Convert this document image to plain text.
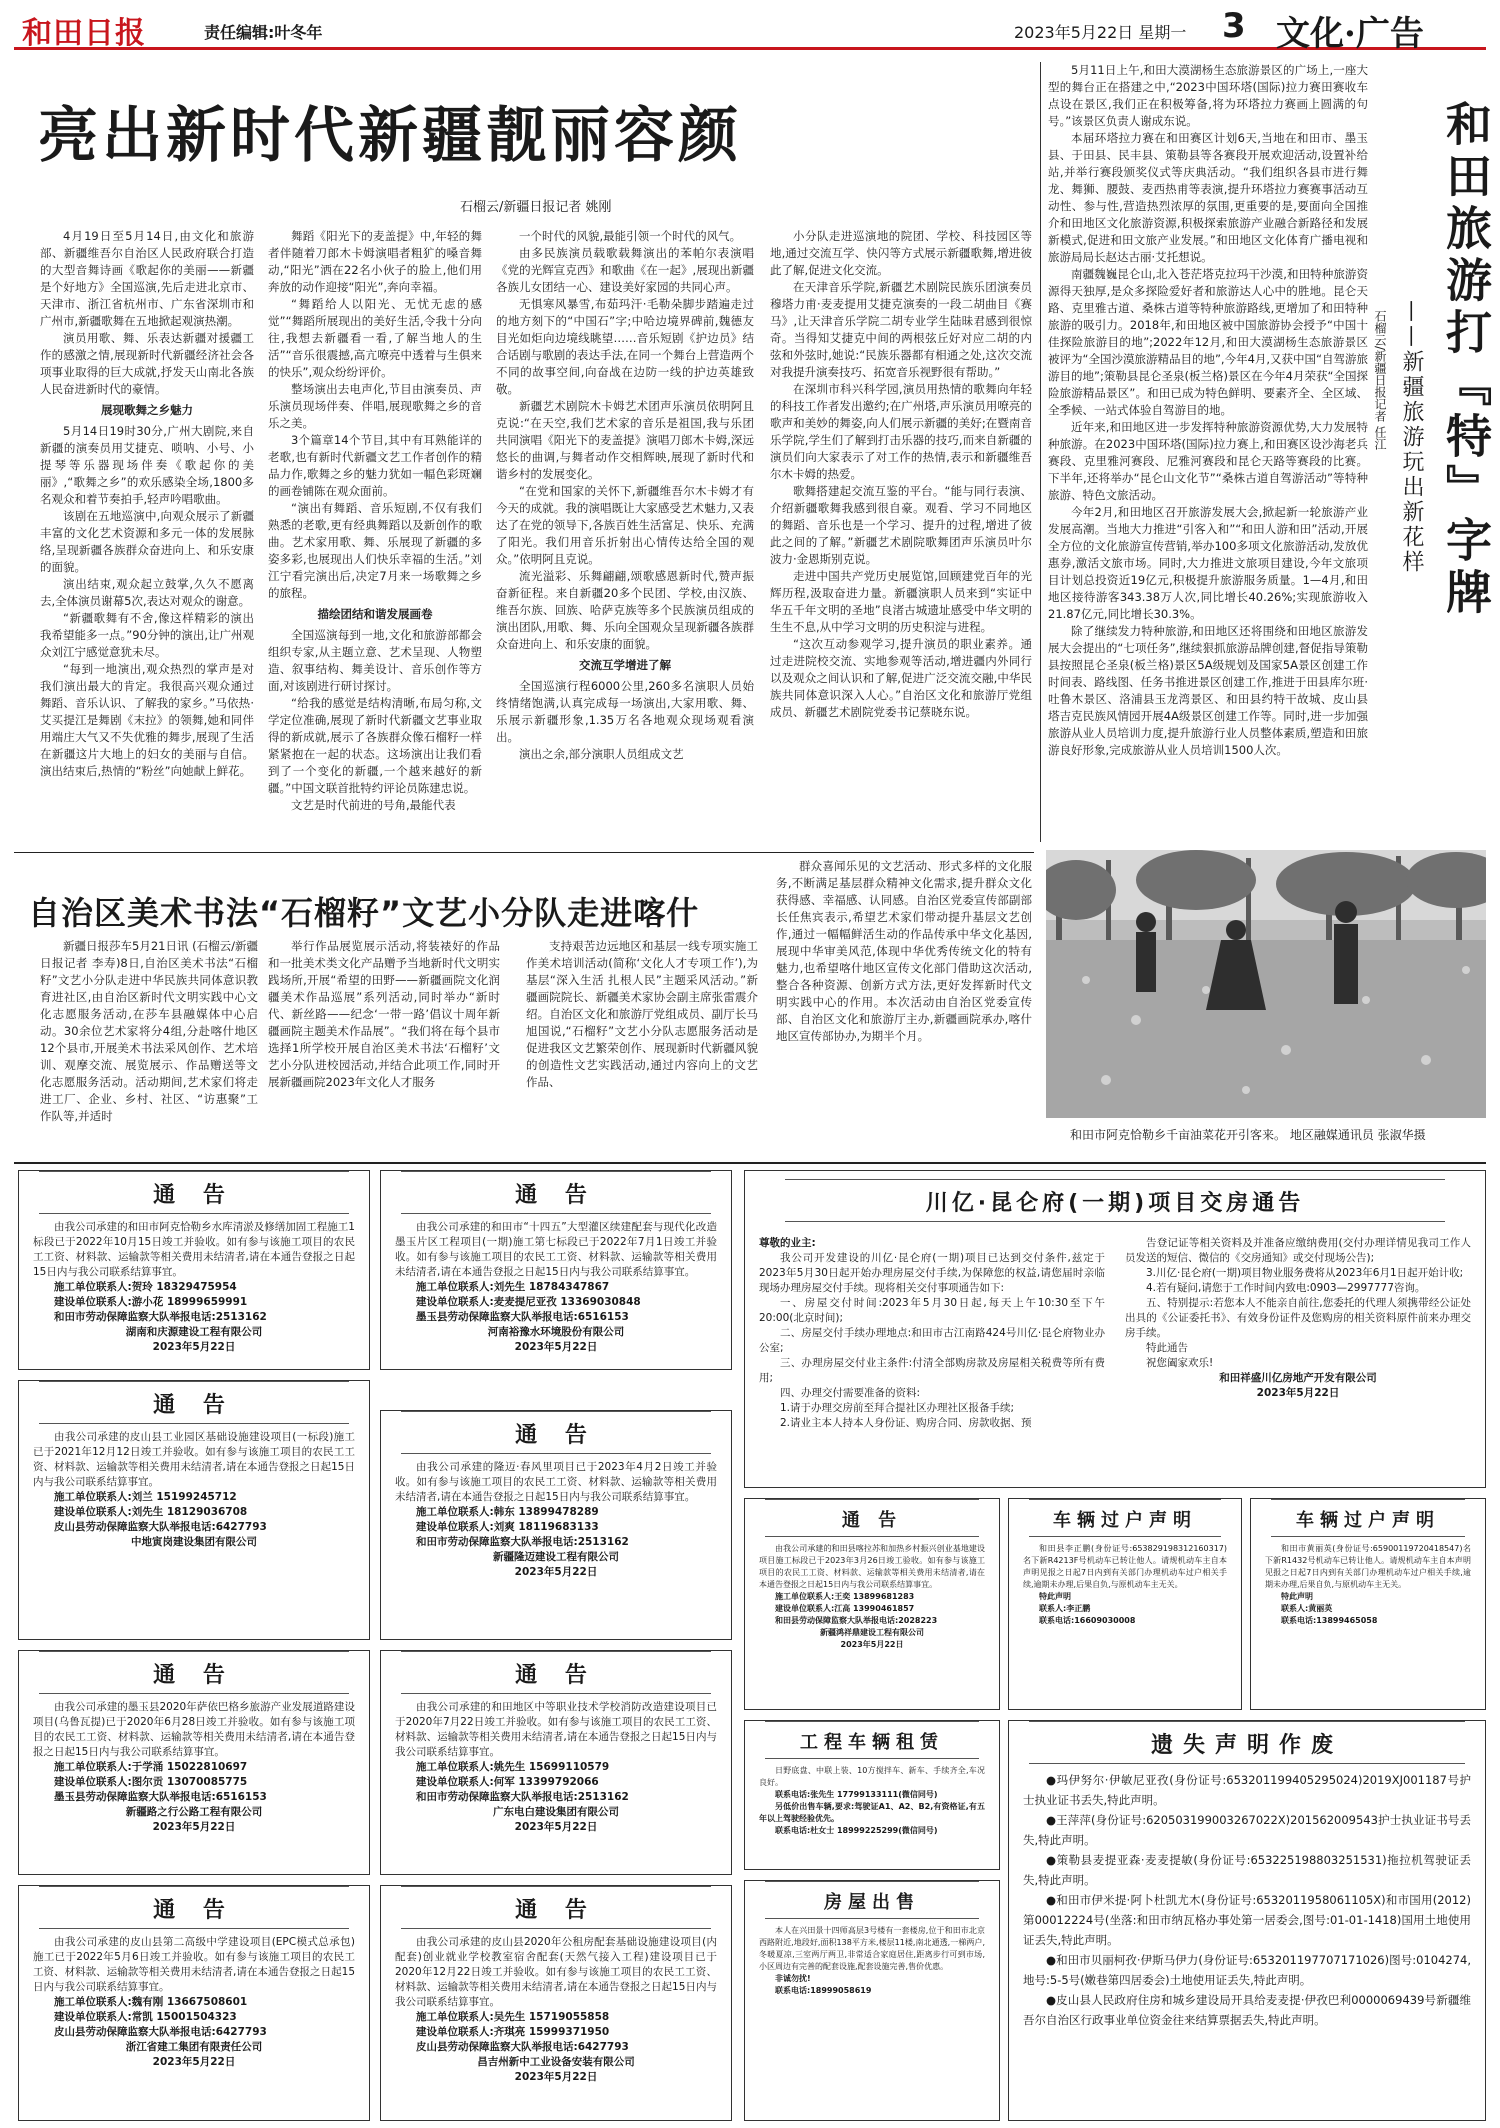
和田日报	责任编辑:叶冬年	2023年5月22日 星期一 3 文化·广告
亮出新时代新疆靓丽容颜
石榴云/新疆日报记者 姚刚

4月19日至5月14日,由文化和旅游部、新疆维吾尔自治区人民政府联合打造的大型音舞诗画《歌起你的美丽——新疆是个好地方》全国巡演,先后走进北京市、天津市、浙江省杭州市、广东省深圳市和广州市,新疆歌舞在五地掀起观演热潮。

演员用歌、舞、乐表达新疆对援疆工作的感激之情,展现新时代新疆经济社会各项事业取得的巨大成就,抒发天山南北各族人民奋进新时代的豪情。

展现歌舞之乡魅力

5月14日19时30分,广州大剧院,来自新疆的演奏员用艾捷克、唢呐、小号、小提琴等乐器现场伴奏《歌起你的美丽》,“歌舞之乡”的欢乐感染全场,1800多名观众和着节奏拍手,轻声吟唱歌曲。

该剧在五地巡演中,向观众展示了新疆丰富的文化艺术资源和多元一体的发展脉络,呈现新疆各族群众奋进向上、和乐安康的面貌。

演出结束,观众起立鼓掌,久久不愿离去,全体演员谢幕5次,表达对观众的谢意。

“新疆歌舞有不舍,像这样精彩的演出我希望能多一点。”90分钟的演出,让广州观众刘江宁感觉意犹未尽。

“每到一地演出,观众热烈的掌声是对我们演出最大的肯定。我很高兴观众通过舞蹈、音乐认识、了解我的家乡。”马依热·艾买提江是舞剧《末拉》的领舞,她和同伴用端庄大气又不失优雅的舞步,展现了生活在新疆这片大地上的妇女的美丽与自信。演出结束后,热情的“粉丝”向她献上鲜花。

舞蹈《阳光下的麦盖提》中,年轻的舞者伴随着刀郎木卡姆演唱者粗犷的嗓音舞动,“阳光”洒在22名小伙子的脸上,他们用奔放的动作迎接“阳光”,奔向幸福。

“舞蹈给人以阳光、无忧无虑的感觉”“舞蹈所展现出的美好生活,令我十分向往,我想去新疆看一看,了解当地人的生活”“音乐很震撼,高亢嘹亮中透着与生俱来的快乐”,观众纷纷评价。

整场演出去电声化,节目由演奏员、声乐演员现场伴奏、伴唱,展现歌舞之乡的音乐之美。

3个篇章14个节目,其中有耳熟能详的老歌,也有新时代新疆文艺工作者创作的精品力作,歌舞之乡的魅力犹如一幅色彩斑斓的画卷铺陈在观众面前。

“演出有舞蹈、音乐短剧,不仅有我们熟悉的老歌,更有经典舞蹈以及新创作的歌曲。艺术家用歌、舞、乐展现了新疆的多姿多彩,也展现出人们快乐幸福的生活。”刘江宁看完演出后,决定7月来一场歌舞之乡的旅程。

描绘团结和谐发展画卷

全国巡演每到一地,文化和旅游部都会组织专家,从主题立意、艺术呈现、人物塑造、叙事结构、舞美设计、音乐创作等方面,对该剧进行研讨探讨。

“给我的感觉是结构清晰,布局匀称,文学定位准确,展现了新时代新疆文艺事业取得的新成就,展示了各族群众像石榴籽一样紧紧抱在一起的状态。这场演出让我们看到了一个变化的新疆,一个越来越好的新疆。”中国文联首批特约评论员陈建忠说。

文艺是时代前进的号角,最能代表

一个时代的风貌,最能引领一个时代的风气。

由多民族演员载歌载舞演出的苯帕尔表演唱《党的光辉宣克西》和歌曲《在一起》,展现出新疆各族儿女团结一心、建设美好家园的共同心声。

无惧寒风暴雪,布茹玛汗·毛勒朵脚步踏遍走过的地方刻下的“中国石”字;中哈边境界碑前,魏德友目光如炬向边境线眺望……音乐短剧《护边员》结合话剧与歌剧的表达手法,在同一个舞台上营造两个不同的故事空间,向奋战在边防一线的护边英雄致敬。

新疆艺术剧院木卡姆艺术团声乐演员依明阿且克说:“在天空,我们艺术家的音乐是祖国,我与乐团共同演唱《阳光下的麦盖提》演唱刀郎木卡姆,深远悠长的曲调,与舞者动作交相辉映,展现了新时代和谐乡村的发展变化。

“在党和国家的关怀下,新疆维吾尔木卡姆才有今天的成就。我的演唱既让大家感受艺术魅力,又表达了在党的领导下,各族百姓生活富足、快乐、充满了阳光。我们用音乐折射出心情传达给全国的观众。”依明阿且克说。

流光溢彩、乐舞翩翩,颂歌感恩新时代,赞声振奋新征程。来自新疆20多个民团、学校,由汉族、维吾尔族、回族、哈萨克族等多个民族演员组成的演出团队,用歌、舞、乐向全国观众呈现新疆各族群众奋进向上、和乐安康的面貌。

交流互学增进了解

全国巡演行程6000公里,260多名演职人员始终情绪饱满,认真完成每一场演出,大家用歌、舞、乐展示新疆形象,1.35万名各地观众现场观看演出。

演出之余,部分演职人员组成文艺

小分队走进巡演地的院团、学校、科技园区等地,通过交流互学、快闪等方式展示新疆歌舞,增进彼此了解,促进文化交流。

在天津音乐学院,新疆艺术剧院民族乐团演奏员穆塔力甫·麦麦提用艾捷克演奏的一段二胡曲目《赛马》,让天津音乐学院二胡专业学生陆昧君感到很惊奇。当得知艾捷克中间的两根弦丘好对应二胡的内弦和外弦时,她说:“民族乐器都有相通之处,这次交流对我提升演奏技巧、拓宽音乐视野很有帮助。”

在深圳市科兴科学园,演员用热情的歌舞向年轻的科技工作者发出邀约;在广州塔,声乐演员用嘹亮的歌声和美妙的舞姿,向人们展示新疆的美好;在暨南音乐学院,学生们了解到打击乐器的技巧,而来自新疆的演员们向大家表示了对工作的热情,表示和新疆维吾尔木卡姆的热爱。

歌舞搭建起交流互鉴的平台。“能与同行表演、介绍新疆歌舞我感到很自豪。观看、学习不同地区的舞蹈、音乐也是一个学习、提升的过程,增进了彼此之间的了解。”新疆艺术剧院歌舞团声乐演员叶尔波力·金恩斯别克说。

走进中国共产党历史展览馆,回顾建党百年的光辉历程,汲取奋进力量。新疆演职人员来到“实证中华五千年文明的圣地”良渚古城遗址感受中华文明的生生不息,从中学习文明的历史积淀与进程。

“这次互动参观学习,提升演员的职业素养。通过走进院校交流、实地参观等活动,增进疆内外同行以及观众之间认识和了解,促进广泛交流交融,中华民族共同体意识深入人心。”自治区文化和旅游厅党组成员、新疆艺术剧院党委书记蔡晓东说。

5月11日上午,和田大漠湖杨生态旅游景区的广场上,一座大型的舞台正在搭建之中,“2023中国环塔(国际)拉力赛田赛收车点设在景区,我们正在积极筹备,将为环塔拉力赛画上圆满的句号。”该景区负责人谢成东说。

本届环塔拉力赛在和田赛区计划6天,当地在和田市、墨玉县、于田县、民丰县、策勒县等各赛段开展欢迎活动,设置补给站,并举行赛段颁奖仪式等庆典活动。“我们组织各县市进行舞龙、舞狮、腰鼓、麦西热甫等表演,提升环塔拉力赛赛事活动互动性、参与性,营造热烈浓厚的氛围,更重要的是,要面向全国推介和田地区文化旅游资源,积极探索旅游产业融合新路径和发展新模式,促进和田文旅产业发展。”和田地区文化体育广播电视和旅游局局长赵达古丽·艾托想说。

南疆魏巍昆仑山,北入苍茫塔克拉玛干沙漠,和田特种旅游资源得天独厚,是众多探险爱好者和旅游达人心中的胜地。昆仑天路、克里雅古道、桑株古道等特种旅游路线,更增加了和田特种旅游的吸引力。2018年,和田地区被中国旅游协会授予“中国十佳探险旅游目的地”;2022年12月,和田大漠湖杨生态旅游景区被评为“全国沙漠旅游精品目的地”,今年4月,又获中国“自驾游旅游目的地”;策勒县昆仑圣泉(板兰格)景区在今年4月荣获“全国探险旅游精品景区”。和田已成为特色鲜明、要素齐全、全区域、全季候、一站式体验自驾游目的地。

近年来,和田地区进一步发挥特种旅游资源优势,大力发展特种旅游。在2023中国环塔(国际)拉力赛上,和田赛区设沙海老兵赛段、克里雅河赛段、尼雅河赛段和昆仑天路等赛段的比赛。下半年,还将举办“昆仑山文化节”“桑株古道自驾游活动”等特种旅游、特色文旅活动。

今年2月,和田地区召开旅游发展大会,掀起新一轮旅游产业发展高潮。当地大力推进“引客入和”“和田人游和田”活动,开展全方位的文化旅游宣传营销,举办100多项文化旅游活动,发放优惠券,激活文旅市场。同时,大力推进文旅项目建设,今年文旅项目计划总投资近19亿元,积极提升旅游服务质量。1—4月,和田地区接待游客343.38万人次,同比增长40.26%;实现旅游收入21.87亿元,同比增长30.3%。

除了继续发力特种旅游,和田地区还将围绕和田地区旅游发展大会提出的“七项任务”,继续狠抓旅游品牌创建,督促指导策勒县按照昆仑圣泉(板兰格)景区5A级规划及国家5A景区创建工作时间表、路线图、任务书推进景区创建工作,推进于田县库尔班·吐鲁木景区、洛浦县玉龙湾景区、和田县约特干故城、皮山县塔吉克民族风情园开展4A级景区创建工作等。同时,进一步加强旅游从业人员培训力度,提升旅游行业人员整体素质,塑造和田旅游良好形象,完成旅游从业人员培训1500人次。

和田旅游打『特』字牌
——新疆旅游玩出新花样
石榴云/新疆日报记者 任江
自治区美术书法“石榴籽”文艺小分队走进喀什

新疆日报莎车5月21日讯 (石榴云/新疆日报记者 李寿)8日,自治区美术书法“石榴籽”文艺小分队走进中华民族共同体意识教育进社区,由自治区新时代文明实践中心文化志愿服务活动,在莎车县融媒体中心启动。30余位艺术家将分4组,分赴喀什地区12个县市,开展美术书法采风创作、艺术培训、观摩交流、展览展示、作品赠送等文化志愿服务活动。活动期间,艺术家们将走进工厂、企业、乡村、社区、“访惠聚”工作队等,并适时

举行作品展览展示活动,将装裱好的作品和一批美术类文化产品赠予当地新时代文明实践场所,开展“希望的田野——新疆画院文化润疆美术作品巡展”系列活动,同时举办“新时代、新丝路——纪念‘一带一路’倡议十周年新疆画院主题美术作品展”。“我们将在每个县市选择1所学校开展自治区美术书法‘石榴籽’文艺小分队进校园活动,并结合此项工作,同时开展新疆画院2023年文化人才服务

支持艰苦边远地区和基层一线专项实施工作美术培训活动(简称‘文化人才专项工作’),为基层“深入生活 扎根人民”主题采风活动。”新疆画院院长、新疆美术家协会副主席张雷震介绍。自治区文化和旅游厅党组成员、副厅长马旭国说,“石榴籽”文艺小分队志愿服务活动是促进我区文艺繁荣创作、展现新时代新疆风貌的创造性文艺实践活动,通过内容向上的文艺作品、

群众喜闻乐见的文艺活动、形式多样的文化服务,不断满足基层群众精神文化需求,提升群众文化获得感、幸福感、认同感。自治区党委宣传部副部长任焦宾表示,希望艺术家们带动提升基层文艺创作,通过一幅幅鲜活生动的作品传承中华文化基因,展现中华审美风范,体现中华优秀传统文化的特有魅力,也希望喀什地区宣传文化部门借助这次活动,整合各种资源、创新方式方法,更好发挥新时代文明实践中心的作用。本次活动由自治区党委宣传部、自治区文化和旅游厅主办,新疆画院承办,喀什地区宣传部协办,为期半个月。

和田市阿克恰勒乡千亩油菜花开引客来。 地区融媒通讯员 张淑华摄
通 告

由我公司承建的和田市阿克恰勒乡水库清淤及修缮加固工程施工1标段已于2022年10月15日竣工并验收。如有参与该施工项目的农民工工资、材料款、运输款等相关费用未结清者,请在本通告登报之日起15日内与我公司联系结算事宜。

施工单位联系人:贺玲 18329475954
建设单位联系人:游小花 18999659991
和田市劳动保障监察大队举报电话:2513162
湖南和庆源建设工程有限公司
2023年5月22日
通 告

由我公司承建的皮山县工业园区基础设施建设项目(一标段)施工已于2021年12月12日竣工并验收。如有参与该施工项目的农民工工资、材料款、运输款等相关费用未结清者,请在本通告登报之日起15日内与我公司联系结算事宜。

施工单位联系人:刘兰 15199245712
建设单位联系人:刘先生 18129036708
皮山县劳动保障监察大队举报电话:6427793
中地寅岗建设集团有限公司
通 告

由我公司承建的墨玉县2020年萨依巴格乡旅游产业发展道路建设项目(乌鲁瓦提)已于2020年6月28日竣工并验收。如有参与该施工项目的农民工工资、材料款、运输款等相关费用未结清者,请在本通告登报之日起15日内与我公司联系结算事宜。

施工单位联系人:于学涌 15022810697
建设单位联系人:图尔贡 13070085775
墨玉县劳动保障监察大队举报电话:6516153
新疆路之行公路工程有限公司
2023年5月22日
通 告

由我公司承建的皮山县第二高级中学建设项目(EPC模式总承包)施工已于2022年5月6日竣工并验收。如有参与该施工项目的农民工工资、材料款、运输款等相关费用未结清者,请在本通告登报之日起15日内与我公司联系结算事宜。

施工单位联系人:魏有刚 13667508601
建设单位联系人:常凯 15001504323
皮山县劳动保障监察大队举报电话:6427793
浙江省建工集团有限责任公司
2023年5月22日
通 告

由我公司承建的和田市“十四五”大型灌区续建配套与现代化改造墨玉片区工程项目(一期)施工第七标段已于2022年7月1日竣工并验收。如有参与该施工项目的农民工工资、材料款、运输款等相关费用未结清者,请在本通告登报之日起15日内与我公司联系结算事宜。

施工单位联系人:刘先生 18784347867
建设单位联系人:麦麦提尼亚孜 13369030848
墨玉县劳动保障监察大队举报电话:6516153
河南裕豫水环境股份有限公司
2023年5月22日
通 告

由我公司承建的隆迈·春风里项目已于2023年4月2日竣工并验收。如有参与该施工项目的农民工工资、材料款、运输款等相关费用未结清者,请在本通告登报之日起15日内与我公司联系结算事宜。

施工单位联系人:韩东 13899478289
建设单位联系人:刘爽 18119683133
和田市劳动保障监察大队举报电话:2513162
新疆隆迈建设工程有限公司
2023年5月22日
通 告

由我公司承建的和田地区中等职业技术学校消防改造建设项目已于2020年7月22日竣工并验收。如有参与该施工项目的农民工工资、材料款、运输款等相关费用未结清者,请在本通告登报之日起15日内与我公司联系结算事宜。

施工单位联系人:姚先生 15699110579
建设单位联系人:何军 13399792066
和田市劳动保障监察大队举报电话:2513162
广东电白建设集团有限公司
2023年5月22日
通 告

由我公司承建的皮山县2020年公租房配套基础设施建设项目(内配套)创业就业学校教室宿舍配套(天然气接入工程)建设项目已于2020年12月22日竣工并验收。如有参与该施工项目的农民工工资、材料款、运输款等相关费用未结清者,请在本通告登报之日起15日内与我公司联系结算事宜。

施工单位联系人:吴先生 15719055858
建设单位联系人:齐琪亮 15999371950
皮山县劳动保障监察大队举报电话:6427793
昌吉州新中工业设备安装有限公司
2023年5月22日
川亿·昆仑府(一期)项目交房通告
尊敬的业主:

我公司开发建设的川亿·昆仑府(一期)项目已达到交付条件,兹定于2023年5月30日起开始办理房屋交付手续,为保障您的权益,请您届时亲临现场办理房屋交付手续。现将相关交付事项通告如下:

一、房屋交付时间:2023年5月30日起,每天上午10:30至下午20:00(北京时间);

二、房屋交付手续办理地点:和田市古江南路424号川亿·昆仑府物业办公室;

三、办理房屋交付业主条件:付清全部购房款及房屋相关税费等所有费用;

四、办理交付需要准备的资料:

1.请于办理交房前至拜合提社区办理社区报备手续;

2.请业主本人持本人身份证、购房合同、房款收据、预

告登记证等相关资料及并准备应缴纳费用(交付办理详情见我司工作人员发送的短信、微信的《交房通知》或交付现场公告);

3.川亿·昆仑府(一期)项目物业服务费将从2023年6月1日起开始计收;

4.若有疑问,请您于工作时间内致电:0903—2997777咨询。

五、特别提示:若您本人不能亲自前往,您委托的代理人须携带经公证处出具的《公证委托书》、有效身份证件及您购房的相关资料原件前来办理交房手续。

特此通告

祝您阖家欢乐!

和田祥盛川亿房地产开发有限公司
2023年5月22日
通 告

由我公司承建的和田县喀拉苏和加热乡村振兴创业基地建设项目施工标段已于2023年3月26日竣工验收。如有参与该施工项目的农民工工资、材料款、运输款等相关费用未结清者,请在本通告登报之日起15日内与我公司联系结算事宜。

施工单位联系人:王奕 13899681283
建设单位联系人:江高 13990461857
和田县劳动保障监察大队举报电话:2028223
新疆鸿祥鼎建设工程有限公司
2023年5月22日
车辆过户声明

和田县李正鹏(身份证号:653829198312160317)名下新R4213F号机动车已转让他人。请规机动车主自本声明见报之日起7日内到有关部门办理机动车过户相关手续,逾期未办理,后果自负,与原机动车主无关。

特此声明
联系人:李正鹏
联系电话:16609030008
车辆过户声明

和田市黄丽英(身份证号:65900119720418547)名下新R1432号机动车已转让他人。请规机动车主自本声明见报之日起7日内到有关部门办理机动车过户相关手续,逾期未办理,后果自负,与原机动车主无关。

特此声明
联系人:黄丽英
联系电话:13899465058
工程车辆租赁

日野底盘、中联上装、10方搅拌车、新车、手续齐全,车况良好。

联系电话:张先生 17799133111(微信同号)
另低价出售车辆,要求:驾驶证A1、A2、B2,有资格证,有五年以上驾驶经验优先。
联系电话:杜女士 18999225299(微信同号)
房屋出售

本人在兴田景十四师高层3号楼有一套楼房,位于和田市北京西路附近,地段好,面积138平方米,楼层11楼,南北通透,一梯两户,冬暖夏凉,三室两厅两卫,非常适合家庭居住,距离步行可到市场,小区周边有完善的配套设施,配套设施完善,售价优惠。

非诚勿扰!
联系电话:18999058619
遗失声明作废

●玛伊努尔·伊敏尼亚孜(身份证号:653201199405295024)2019XJ001187号护士执业证书丢失,特此声明。

●王萍萍(身份证号:620503199003267022X)201562009543护士执业证书号丢失,特此声明。

●策勒县麦提亚森·麦麦提敏(身份证号:653225198803251531)拖拉机驾驶证丢失,特此声明。

●和田市伊米提·阿卜杜凯尤木(身份证号:6532011958061105X)和市国用(2012)第00012224号(坐落:和田市纳瓦格办事处第一居委会,图号:01-01-1418)国用土地使用证丢失,特此声明。

●和田市贝丽柯孜·伊斯马伊力(身份证号:653201197707171026)图号:0104274,地号:5-5号(嫩巷第四居委会)土地使用证丢失,特此声明。

●皮山县人民政府住房和城乡建设局开具给麦麦提·伊孜巴利0000069439号新疆维吾尔自治区行政事业单位资金往来结算票据丢失,特此声明。
